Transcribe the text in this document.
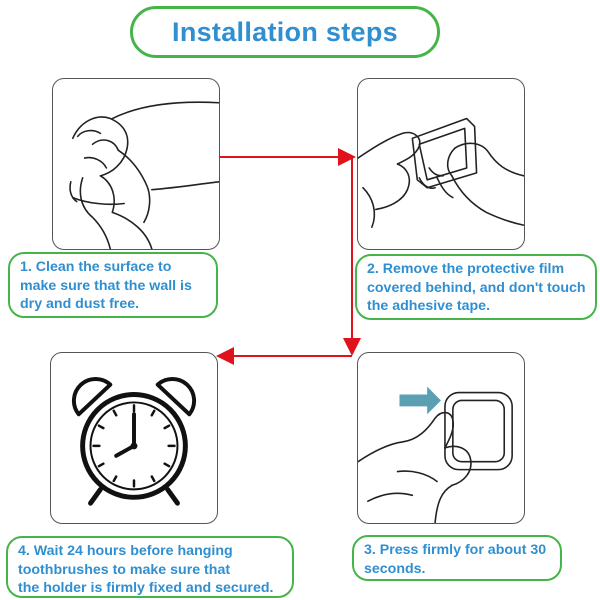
Installation steps
1. Clean the surface to
make sure that the wall is
dry and dust free.
2. Remove the protective film
covered behind, and don't touch
the adhesive tape.
3. Press firmly for about 30
seconds.
4. Wait 24 hours before hanging
toothbrushes to make sure that
the holder is firmly fixed and secured.
